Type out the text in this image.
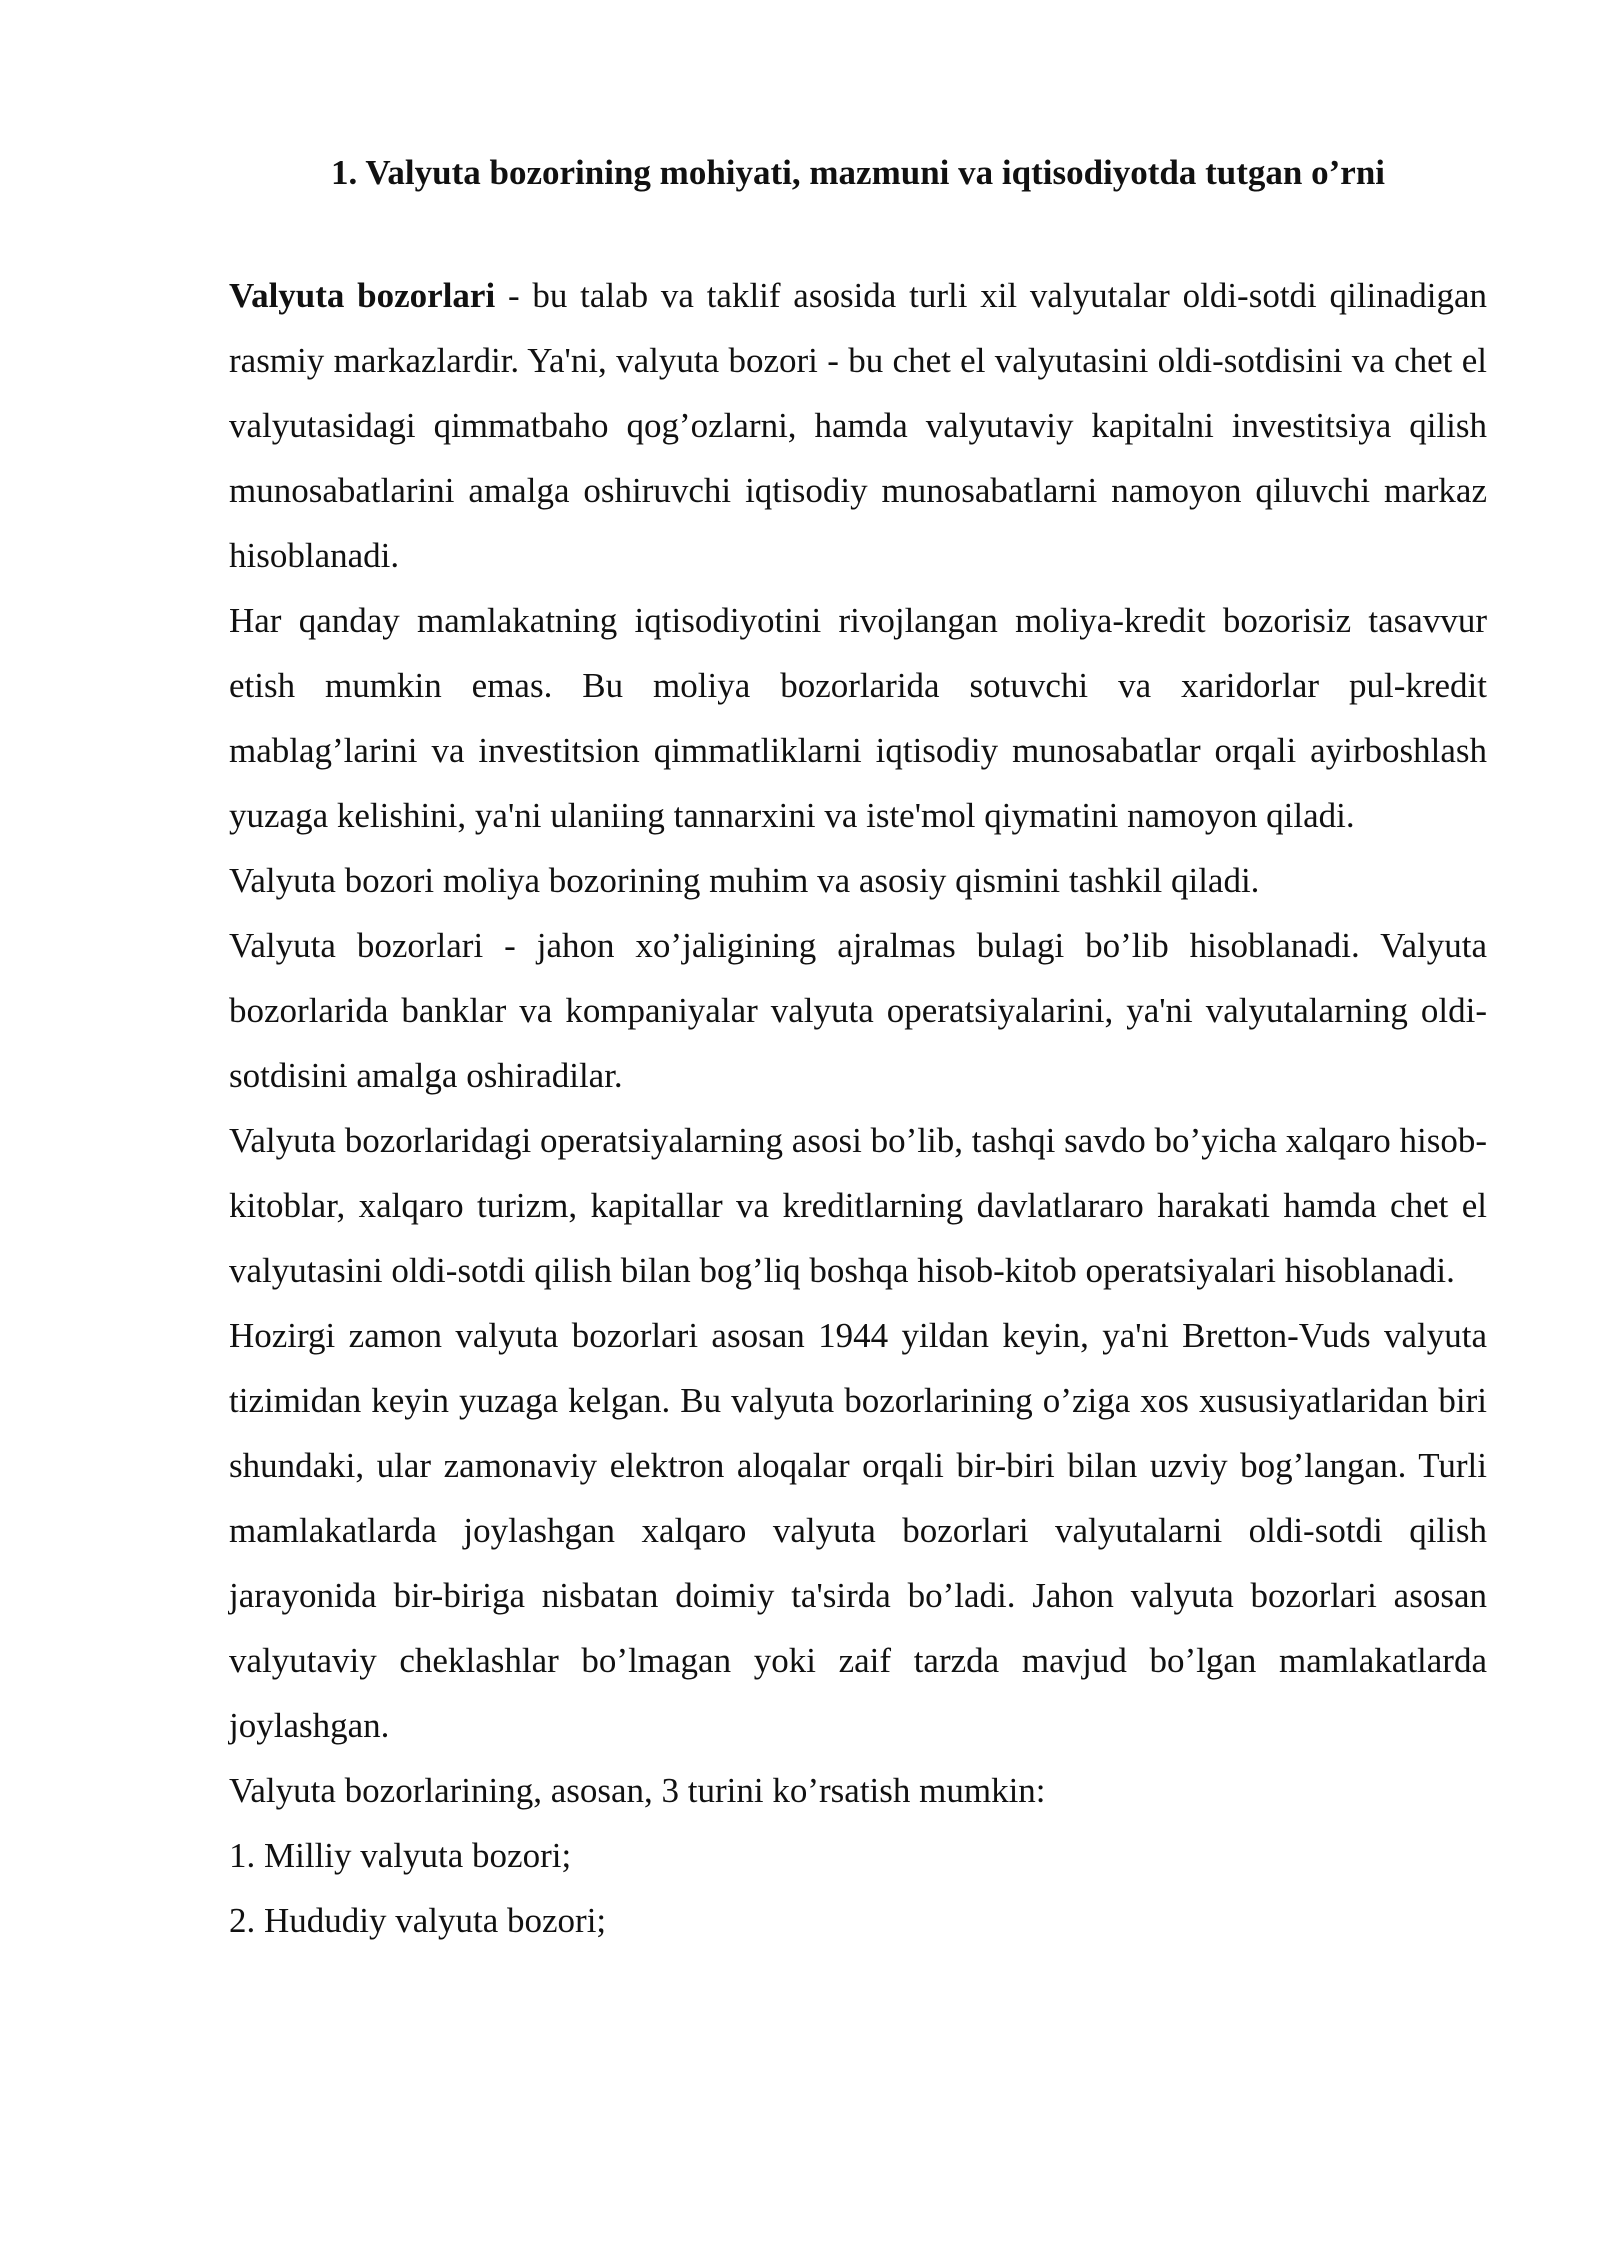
1. Valyuta bozorining mohiyati, mazmuni va iqtisodiyotda tutgan o’rni

Valyuta bozorlari - bu talab va taklif asosida turli xil valyutalar oldi-sotdi qilinadigan rasmiy markazlardir. Ya'ni, valyuta bozori - bu chet el valyutasini oldi-sotdisini va chet el valyutasidagi qimmatbaho qog’ozlarni, hamda valyutaviy kapitalni investitsiya qilish munosabatlarini amalga oshiruvchi iqtisodiy munosabatlarni namoyon qiluvchi markaz hisoblanadi.

Har qanday mamlakatning iqtisodiyotini rivojlangan moliya-kredit bozorisiz tasavvur etish mumkin emas. Bu moliya bozorlarida sotuvchi va xaridorlar pul-kredit mablag’larini va investitsion qimmatliklarni iqtisodiy munosabatlar orqali ayirboshlash yuzaga kelishini, ya'ni ulaniing tannarxini va iste'mol qiymatini namoyon qiladi.

Valyuta bozori moliya bozorining muhim va asosiy qismini tashkil qiladi.

Valyuta bozorlari - jahon xo’jaligining ajralmas bulagi bo’lib hisoblanadi. Valyuta bozorlarida banklar va kompaniyalar valyuta operatsiyalarini, ya'ni valyutalarning oldi-sotdisini amalga oshiradilar.

Valyuta bozorlaridagi operatsiyalarning asosi bo’lib, tashqi savdo bo’yicha xalqaro hisob-kitoblar, xalqaro turizm, kapitallar va kreditlarning davlatlararo harakati hamda chet el valyutasini oldi-sotdi qilish bilan bog’liq boshqa hisob-kitob operatsiyalari hisoblanadi.

Hozirgi zamon valyuta bozorlari asosan 1944 yildan keyin, ya'ni Bretton-Vuds valyuta tizimidan keyin yuzaga kelgan. Bu valyuta bozorlarining o’ziga xos xususiyatlaridan biri shundaki, ular zamonaviy elektron aloqalar orqali bir-biri bilan uzviy bog’langan. Turli mamlakatlarda joylashgan xalqaro valyuta bozorlari valyutalarni oldi-sotdi qilish jarayonida bir-biriga nisbatan doimiy ta'sirda bo’ladi. Jahon valyuta bozorlari asosan valyutaviy cheklashlar bo’lmagan yoki zaif tarzda mavjud bo’lgan mamlakatlarda joylashgan.

Valyuta bozorlarining, asosan, 3 turini ko’rsatish mumkin:

1. Milliy valyuta bozori;

2. Hududiy valyuta bozori;
